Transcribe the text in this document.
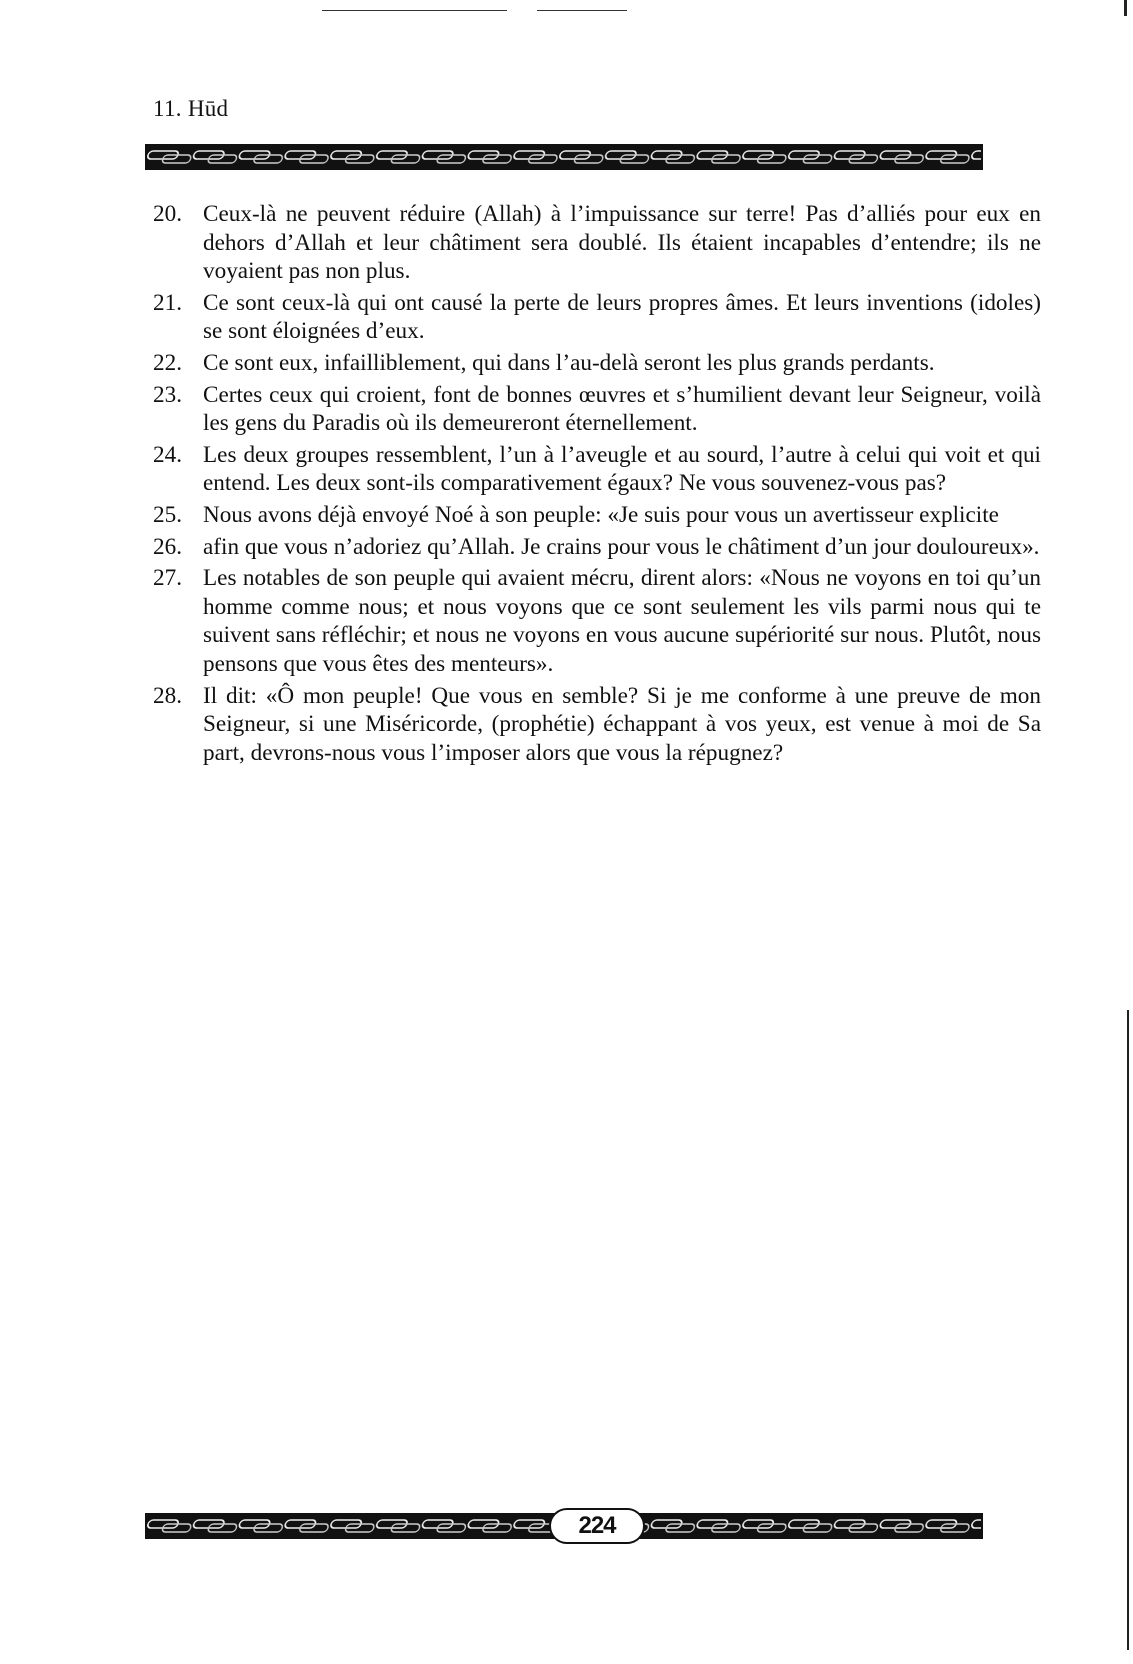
11. Hūd
20. Ceux-là ne peuvent réduire (Allah) à l’impuissance sur terre! Pas d’alliés pour eux en dehors d’Allah et leur châtiment sera doublé. Ils étaient incapables d’entendre; ils ne voyaient pas non plus.
21. Ce sont ceux-là qui ont causé la perte de leurs propres âmes. Et leurs inventions (idoles) se sont éloignées d’eux.
22. Ce sont eux, infailliblement, qui dans l’au-delà seront les plus grands perdants.
23. Certes ceux qui croient, font de bonnes œuvres et s’humilient devant leur Seigneur, voilà les gens du Paradis où ils demeureront éternellement.
24. Les deux groupes ressemblent, l’un à l’aveugle et au sourd, l’autre à celui qui voit et qui entend. Les deux sont-ils comparativement égaux? Ne vous souvenez-vous pas?
25. Nous avons déjà envoyé Noé à son peuple: «Je suis pour vous un avertisseur explicite
26. afin que vous n’adoriez qu’Allah. Je crains pour vous le châtiment d’un jour douloureux».
27. Les notables de son peuple qui avaient mécru, dirent alors: «Nous ne voyons en toi qu’un homme comme nous; et nous voyons que ce sont seulement les vils parmi nous qui te suivent sans réfléchir; et nous ne voyons en vous aucune supériorité sur nous. Plutôt, nous pensons que vous êtes des menteurs».
28. Il dit: «Ô mon peuple! Que vous en semble? Si je me conforme à une preuve de mon Seigneur, si une Miséricorde, (prophétie) échappant à vos yeux, est venue à moi de Sa part, devrons-nous vous l’imposer alors que vous la répugnez?
224
